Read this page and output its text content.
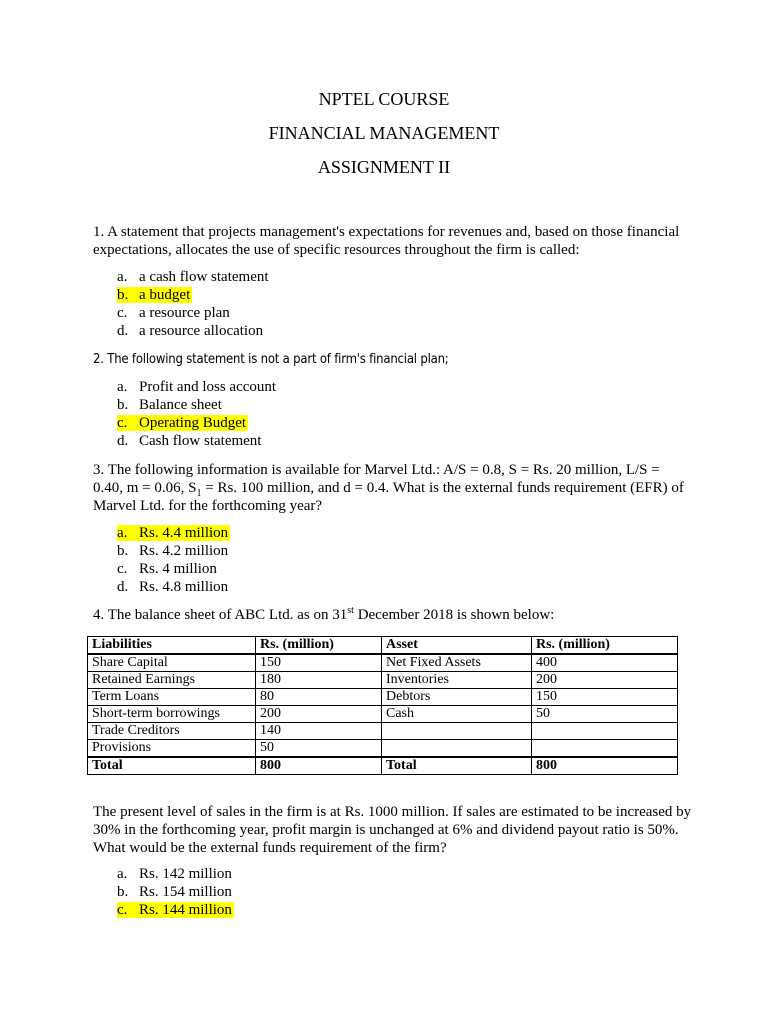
NPTEL COURSE
FINANCIAL MANAGEMENT
ASSIGNMENT II
1. A statement that projects management's expectations for revenues and, based on those financial expectations, allocates the use of specific resources throughout the firm is called:
a. a cash flow statement
b. a budget
c. a resource plan
d. a resource allocation
2. The following statement is not a part of firm's financial plan;
a. Profit and loss account
b. Balance sheet
c. Operating Budget
d. Cash flow statement
3. The following information is available for Marvel Ltd.: A/S = 0.8, S = Rs. 20 million, L/S = 0.40, m = 0.06, $S_1 = Rs$. 100 million, and d = 0.4. What is the external funds requirement (EFR) of Marvel Ltd. for the forthcoming year?
a. Rs. 4.4 million
b. Rs. 4.2 million
c. Rs. 4 million
d. Rs. 4.8 million
4. The balance sheet of ABC Ltd. as on 31st December 2018 is shown below:
Liabilities	Rs. (million)	Asset	Rs. (million)
Share Capital	150	Net Fixed Assets	400
Retained Earnings	180	Inventories	200
Term Loans	80	Debtors	150
Short-term borrowings	200	Cash	50
Trade Creditors	140		
Provisions	50		
Total	800	Total	800
The present level of sales in the firm is at Rs. 1000 million. If sales are estimated to be increased by 30% in the forthcoming year, profit margin is unchanged at 6% and dividend payout ratio is 50%. What would be the external funds requirement of the firm?
a. Rs. 142 million
b. Rs. 154 million
c. Rs. 144 million
